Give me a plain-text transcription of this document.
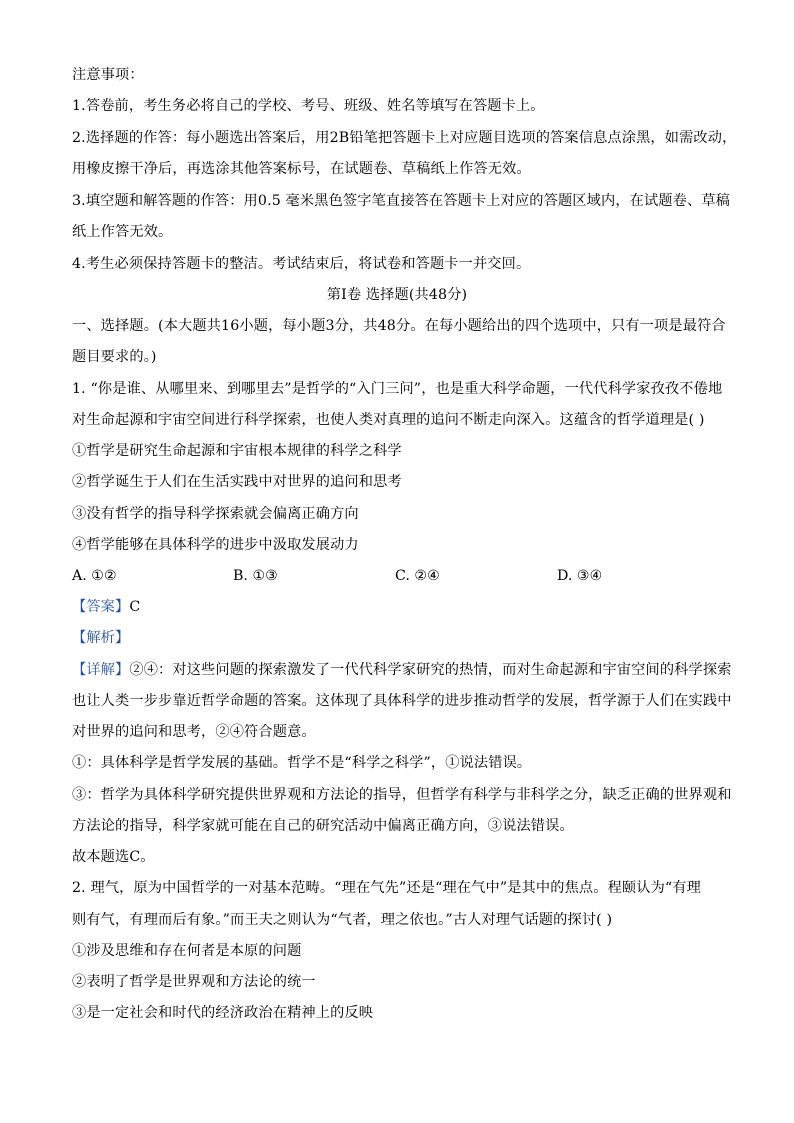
注意事项：
1.答卷前，考生务必将自己的学校、考号、班级、姓名等填写在答题卡上。
2.选择题的作答：每小题选出答案后，用2B铅笔把答题卡上对应题目选项的答案信息点涂黑，如需改动，
用橡皮擦干净后，再选涂其他答案标号，在试题卷、草稿纸上作答无效。
3.填空题和解答题的作答：用0.5 毫米黑色签字笔直接答在答题卡上对应的答题区域内，在试题卷、草稿
纸上作答无效。
4.考生必须保持答题卡的整洁。考试结束后，将试卷和答题卡一并交回。
第Ⅰ卷 选择题(共48分)
一、选择题。(本大题共16小题，每小题3分，共48分。在每小题给出的四个选项中，只有一项是最符合
题目要求的。)
1. “你是谁、从哪里来、到哪里去”是哲学的“入门三问”，也是重大科学命题，一代代科学家孜孜不倦地
对生命起源和宇宙空间进行科学探索，也使人类对真理的追问不断走向深入。这蕴含的哲学道理是( )
①哲学是研究生命起源和宇宙根本规律的科学之科学
②哲学诞生于人们在生活实践中对世界的追问和思考
③没有哲学的指导科学探索就会偏离正确方向
④哲学能够在具体科学的进步中汲取发展动力
A. ①②	B. ①③	C. ②④	D. ③④
【答案】C
【解析】
【详解】②④：对这些问题的探索激发了一代代科学家研究的热情，而对生命起源和宇宙空间的科学探索
也让人类一步步靠近哲学命题的答案。这体现了具体科学的进步推动哲学的发展，哲学源于人们在实践中
对世界的追问和思考，②④符合题意。
①：具体科学是哲学发展的基础。哲学不是“科学之科学”，①说法错误。
③：哲学为具体科学研究提供世界观和方法论的指导，但哲学有科学与非科学之分，缺乏正确的世界观和
方法论的指导，科学家就可能在自己的研究活动中偏离正确方向，③说法错误。
故本题选C。
2. 理气，原为中国哲学的一对基本范畴。“理在气先”还是“理在气中”是其中的焦点。程颐认为“有理
则有气，有理而后有象。”而王夫之则认为“气者，理之依也。”古人对理气话题的探讨( )
①涉及思维和存在何者是本原的问题
②表明了哲学是世界观和方法论的统一
③是一定社会和时代的经济政治在精神上的反映
